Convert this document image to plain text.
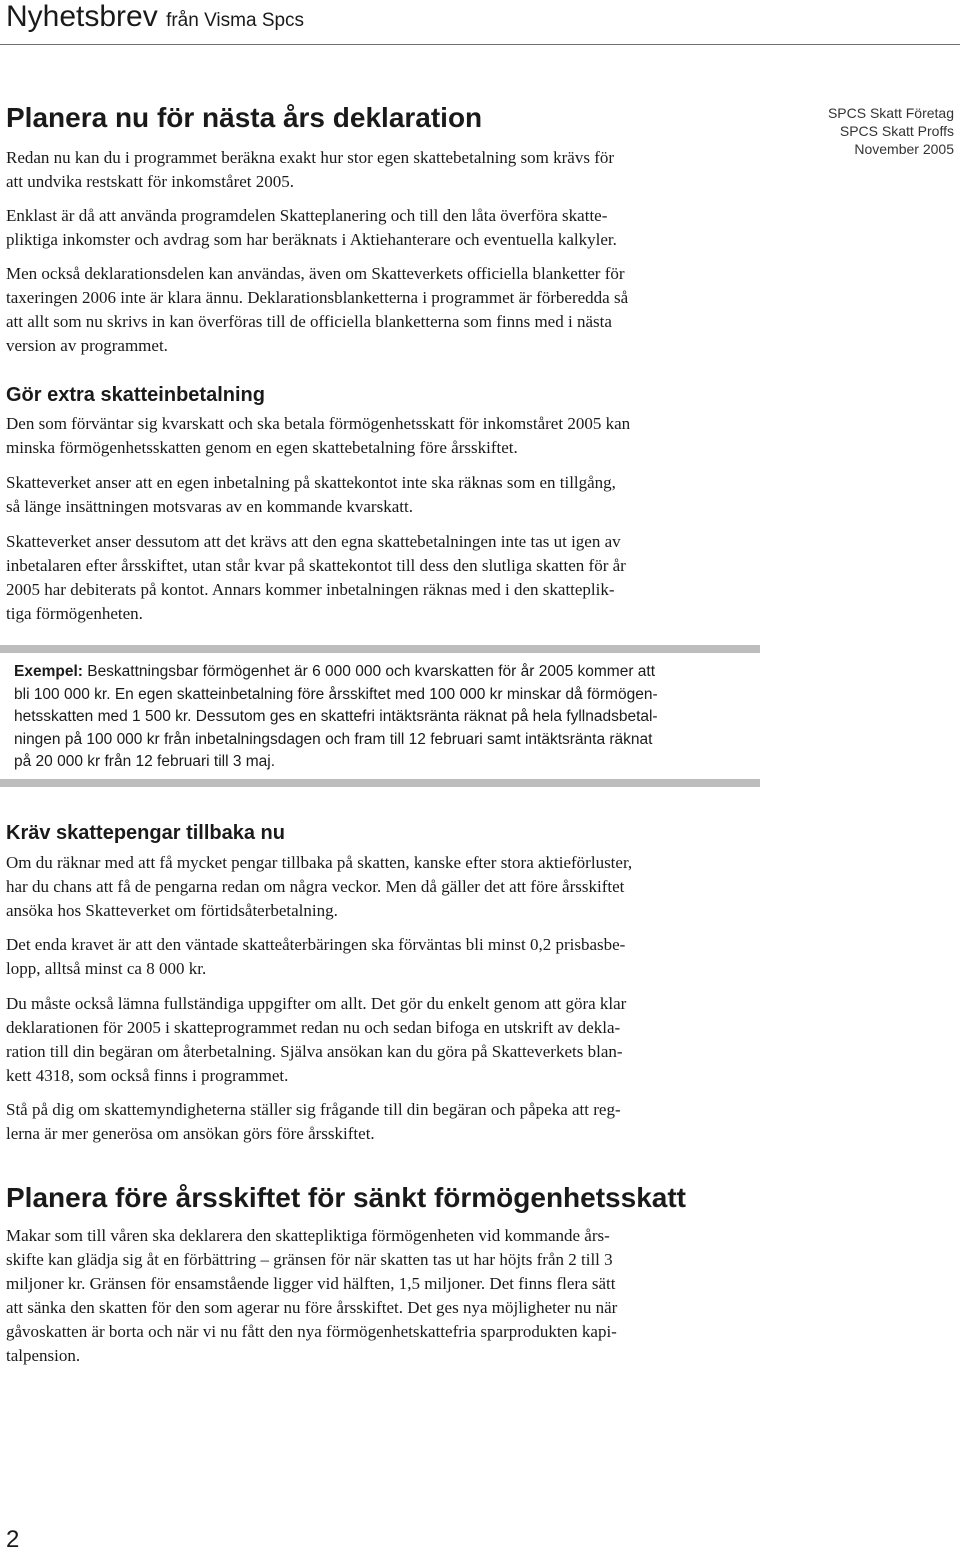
Nyhetsbrev från Visma Spcs
SPCS Skatt Företag
SPCS Skatt Proffs
November 2005
Planera nu för nästa års deklaration
Redan nu kan du i programmet beräkna exakt hur stor egen skattebetalning som krävs för
att undvika restskatt för inkomståret 2005.
Enklast är då att använda programdelen Skatteplanering och till den låta överföra skatte-
pliktiga inkomster och avdrag som har beräknats i Aktiehanterare och eventuella kalkyler.
Men också deklarationsdelen kan användas, även om Skatteverkets officiella blanketter för
taxeringen 2006 inte är klara ännu. Deklarationsblanketterna i programmet är förberedda så
att allt som nu skrivs in kan överföras till de officiella blanketterna som finns med i nästa
version av programmet.
Gör extra skatteinbetalning
Den som förväntar sig kvarskatt och ska betala förmögenhetsskatt för inkomståret 2005 kan
minska förmögenhetsskatten genom en egen skattebetalning före årsskiftet.
Skatteverket anser att en egen inbetalning på skattekontot inte ska räknas som en tillgång,
så länge insättningen motsvaras av en kommande kvarskatt.
Skatteverket anser dessutom att det krävs att den egna skattebetalningen inte tas ut igen av
inbetalaren efter årsskiftet, utan står kvar på skattekontot till dess den slutliga skatten för år
2005 har debiterats på kontot. Annars kommer inbetalningen räknas med i den skatteplik-
tiga förmögenheten.
Exempel: Beskattningsbar förmögenhet är 6 000 000 och kvarskatten för år 2005 kommer att
bli 100 000 kr. En egen skatteinbetalning före årsskiftet med 100 000 kr minskar då förmögen-
hetsskatten med 1 500 kr. Dessutom ges en skattefri intäktsränta räknat på hela fyllnadsbetal-
ningen på 100 000 kr från inbetalningsdagen och fram till 12 februari samt intäktsränta räknat
på 20 000 kr från 12 februari till 3 maj.
Kräv skattepengar tillbaka nu
Om du räknar med att få mycket pengar tillbaka på skatten, kanske efter stora aktieförluster,
har du chans att få de pengarna redan om några veckor. Men då gäller det att före årsskiftet
ansöka hos Skatteverket om förtidsåterbetalning.
Det enda kravet är att den väntade skatteåterbäringen ska förväntas bli minst 0,2 prisbasbe-
lopp, alltså minst ca 8 000 kr.
Du måste också lämna fullständiga uppgifter om allt. Det gör du enkelt genom att göra klar
deklarationen för 2005 i skatteprogrammet redan nu och sedan bifoga en utskrift av dekla-
ration till din begäran om återbetalning. Själva ansökan kan du göra på Skatteverkets blan-
kett 4318, som också finns i programmet.
Stå på dig om skattemyndigheterna ställer sig frågande till din begäran och påpeka att reg-
lerna är mer generösa om ansökan görs före årsskiftet.
Planera före årsskiftet för sänkt förmögenhetsskatt
Makar som till våren ska deklarera den skattepliktiga förmögenheten vid kommande års-
skifte kan glädja sig åt en förbättring – gränsen för när skatten tas ut har höjts från 2 till 3
miljoner kr. Gränsen för ensamstående ligger vid hälften, 1,5 miljoner. Det finns flera sätt
att sänka den skatten för den som agerar nu före årsskiftet. Det ges nya möjligheter nu när
gåvoskatten är borta och när vi nu fått den nya förmögenhetskattefria sparprodukten kapi-
talpension.
2
